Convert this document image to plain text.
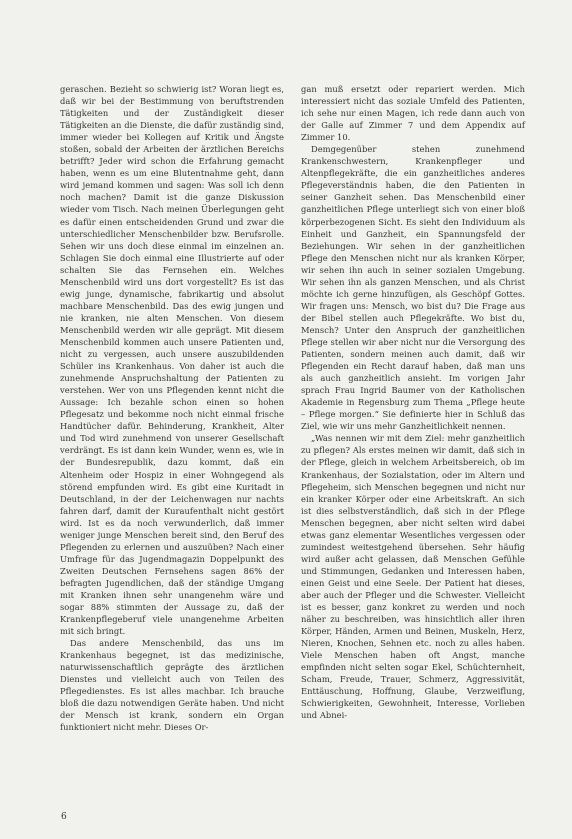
geraschen. Bezieht so schwierig ist? Woran liegt es, daß wir bei der Bestimmung von beruftstrenden Tätigkeiten und der Zuständigkeit dieser Tätigkeiten an die Dienste, die dafür zuständig sind, immer wieder bei Kollegen auf Kritik und Ängste stoßen, sobald der Arbeiten der ärztlichen Bereichs betrifft? Jeder wird schon die Erfahrung gemacht haben, wenn es um eine Blutentnahme geht, dann wird jemand kommen und sagen: Was soll ich denn noch machen? Damit ist die ganze Diskussion wieder vom Tisch. Nach meinen Überlegungen geht es dafür einen entscheidenden Grund und zwar die unterschiedlicher Menschenbilder bzw. Berufsrolle. Sehen wir uns doch diese einmal im einzelnen an. Schlagen Sie doch einmal eine Illustrierte auf oder schalten Sie das Fernsehen ein. Welches Menschenbild wird uns dort vorgestellt? Es ist das ewig junge, dynamische, fabrikartig und absolut machbare Menschenbild. Das des ewig jungen und nie kranken, nie alten Menschen. Von diesem Menschenbild werden wir alle geprägt. Mit diesem Menschenbild kommen auch unsere Patienten und, nicht zu vergessen, auch unsere auszubildenden Schüler ins Krankenhaus. Von daher ist auch die zunehmende Anspruchshaltung der Patienten zu verstehen. Wer von uns Pflegenden kennt nicht die Aussage: Ich bezahle schon einen so hohen Pflegesatz und bekomme noch nicht einmal frische Handtücher dafür. Behinderung, Krankheit, Alter und Tod wird zunehmend von unserer Gesellschaft verdrängt. Es ist dann kein Wunder, wenn es, wie in der Bundesrepublik, dazu kommt, daß ein Altenheim oder Hospiz in einer Wohngegend als störend empfunden wird. Es gibt eine Kuritadt in Deutschland, in der der Leichenwagen nur nachts fahren darf, damit der Kurаufenthalt nicht gestört wird. Ist es da noch verwunderlich, daß immer weniger junge Menschen bereit sind, den Beruf des Pflegenden zu erlernen und auszuüben? Nach einer Umfrage für das Jugendmagazin Doppelpunkt des Zweiten Deutschen Fernsehens sagen 86% der befragten Jugendlichen, daß der ständige Umgang mit Kranken ihnen sehr unangenehm wäre und sogar 88% stimmten der Aussage zu, daß der Krankenpflegeberuf viele unangenehme Arbeiten mit sich bringt.

Das andere Menschenbild, das uns im Krankenhaus begegnet, ist das medizinische, naturwissenschaftlich geprägte des ärztlichen Dienstes und vielleicht auch von Teilen des Pflegedienstes. Es ist alles machbar. Ich brauche bloß die dazu notwendigen Geräte haben. Und nicht der Mensch ist krank, sondern ein Organ funktioniert nicht mehr. Dieses Or-

gan muß ersetzt oder repariert werden. Mich interessiert nicht das soziale Umfeld des Patienten, ich sehe nur einen Magen, ich rede dann auch von der Galle auf Zimmer 7 und dem Appendix auf Zimmer 10.

Demgegenüber stehen zunehmend Krankenschwestern, Krankenpfleger und Altenpflegekräfte, die ein ganzheitliches anderes Pflegeverständnis haben, die den Patienten in seiner Ganzheit sehen. Das Menschenbild einer ganzheitlichen Pflege unterliegt sich von einer bloß körperbezogenen Sicht. Es sieht den Individuum als Einheit und Ganzheit, ein Spannungsfeld der Beziehungen. Wir sehen in der ganzheitlichen Pflege den Menschen nicht nur als kranken Körper, wir sehen ihn auch in seiner sozialen Umgebung. Wir sehen ihn als ganzen Menschen, und als Christ möchte ich gerne hinzufügen, als Geschöpf Gottes. Wir fragen uns: Mensch, wo bist du? Die Frage aus der Bibel stellen auch Pflegekräfte. Wo bist du, Mensch? Unter den Anspruch der ganzheitlichen Pflege stellen wir aber nicht nur die Versorgung des Patienten, sondern meinen auch damit, daß wir Pflegenden ein Recht darauf haben, daß man uns als auch ganzheitlich ansieht. Im vorigen Jahr sprach Frau Ingrid Baumer von der Katholischen Akademie in Regensburg zum Thema „Pflege heute – Pflege morgen.“ Sie definierte hier in Schluß das Ziel, wie wir uns mehr Ganzheitlichkeit nennen.

„Was nennen wir mit dem Ziel: mehr ganzheitlich zu pflegen? Als erstes meinen wir damit, daß sich in der Pflege, gleich in welchem Arbeitsbereich, ob im Krankenhaus, der Sozialstation, oder im Altern und Pflegeheim, sich Menschen begegnen und nicht nur ein kranker Körper oder eine Arbeitskraft. An sich ist dies selbstverständlich, daß sich in der Pflege Menschen begegnen, aber nicht selten wird dabei etwas ganz elementar Wesentliches vergessen oder zumindest weitestgehend übersehen. Sehr häufig wird außer acht gelassen, daß Menschen Gefühle und Stimmungen, Gedanken und Interessen haben, einen Geist und eine Seele. Der Patient hat dieses, aber auch der Pfleger und die Schwester. Vielleicht ist es besser, ganz konkret zu werden und noch näher zu beschreiben, was hinsichtlich aller ihren Körper, Händen, Armen und Beinen, Muskeln, Herz, Nieren, Knochen, Sehnen etc. noch zu alles haben. Viele Menschen haben oft Angst, manche empfinden nicht selten sogar Ekel, Schüchternheit, Scham, Freude, Trauer, Schmerz, Aggressivität, Enttäuschung, Hoffnung, Glaube, Verzweiflung, Schwierigkeiten, Gewohnheit, Interesse, Vorlieben und Abnei-

6
